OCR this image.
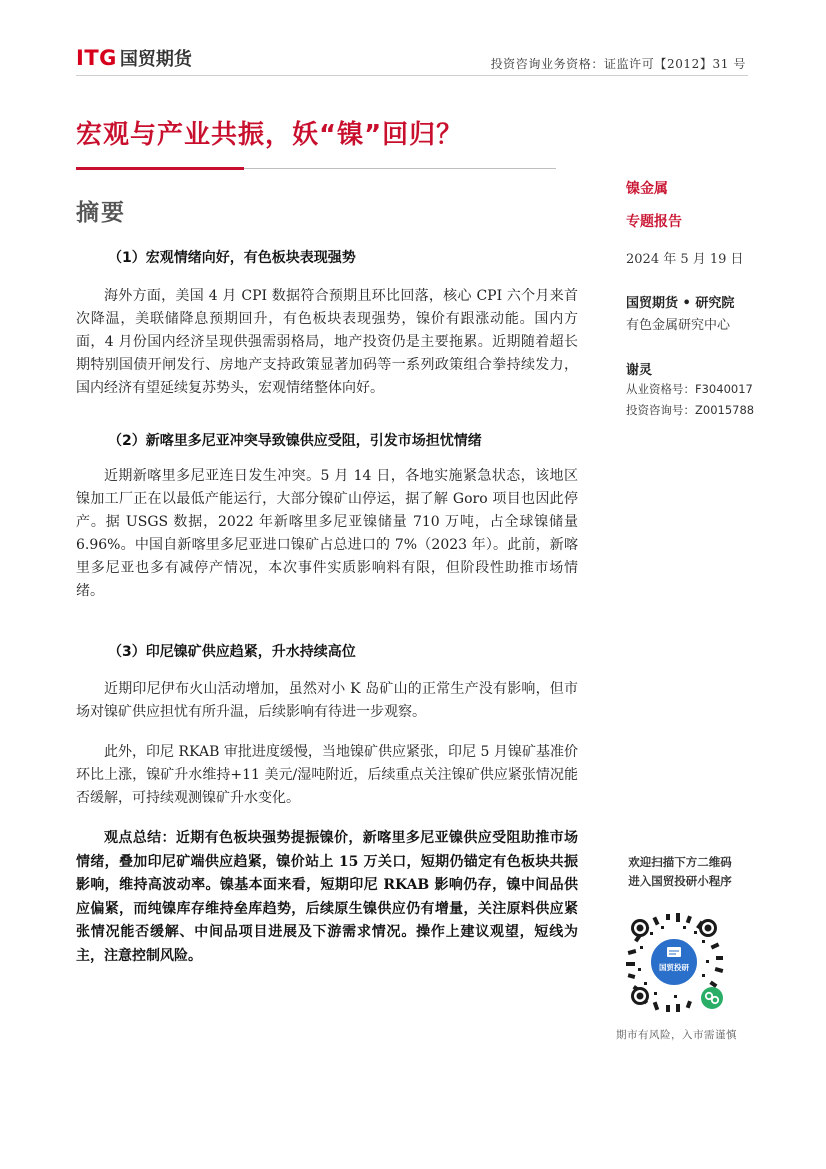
ITG 国贸期货	投资咨询业务资格：证监许可【2012】31 号
宏观与产业共振，妖“镍”回归？
摘要
（1）宏观情绪向好，有色板块表现强势
海外方面，美国 4 月 CPI 数据符合预期且环比回落，核心 CPI 六个月来首次降温，美联储降息预期回升，有色板块表现强势，镍价有跟涨动能。国内方面，4 月份国内经济呈现供强需弱格局，地产投资仍是主要拖累。近期随着超长期特别国债开闸发行、房地产支持政策显著加码等一系列政策组合拳持续发力，国内经济有望延续复苏势头，宏观情绪整体向好。
（2）新喀里多尼亚冲突导致镍供应受阻，引发市场担忧情绪
近期新喀里多尼亚连日发生冲突。5 月 14 日，各地实施紧急状态，该地区镍加工厂正在以最低产能运行，大部分镍矿山停运，据了解 Goro 项目也因此停产。据 USGS 数据，2022 年新喀里多尼亚镍储量 710 万吨，占全球镍储量 6.96%。中国自新喀里多尼亚进口镍矿占总进口的 7%（2023 年）。此前，新喀里多尼亚也多有减停产情况，本次事件实质影响料有限，但阶段性助推市场情绪。
（3）印尼镍矿供应趋紧，升水持续高位
近期印尼伊布火山活动增加，虽然对小 K 岛矿山的正常生产没有影响，但市场对镍矿供应担忧有所升温，后续影响有待进一步观察。
此外，印尼 RKAB 审批进度缓慢，当地镍矿供应紧张，印尼 5 月镍矿基准价环比上涨，镍矿升水维持+11 美元/湿吨附近，后续重点关注镍矿供应紧张情况能否缓解，可持续观测镍矿升水变化。
观点总结：近期有色板块强势提振镍价，新喀里多尼亚镍供应受阻助推市场情绪，叠加印尼矿端供应趋紧，镍价站上 15 万关口，短期仍锚定有色板块共振影响，维持高波动率。镍基本面来看，短期印尼 RKAB 影响仍存，镍中间品供应偏紧，而纯镍库存维持垒库趋势，后续原生镍供应仍有增量，关注原料供应紧张情况能否缓解、中间品项目进展及下游需求情况。操作上建议观望，短线为主，注意控制风险。
镍金属
专题报告
2024 年 5 月 19 日
国贸期货 • 研究院
有色金属研究中心
谢灵
从业资格号：F3040017
投资咨询号：Z0015788
欢迎扫描下方二维码
进入国贸投研小程序
国贸投研
期市有风险，入市需谨慎
